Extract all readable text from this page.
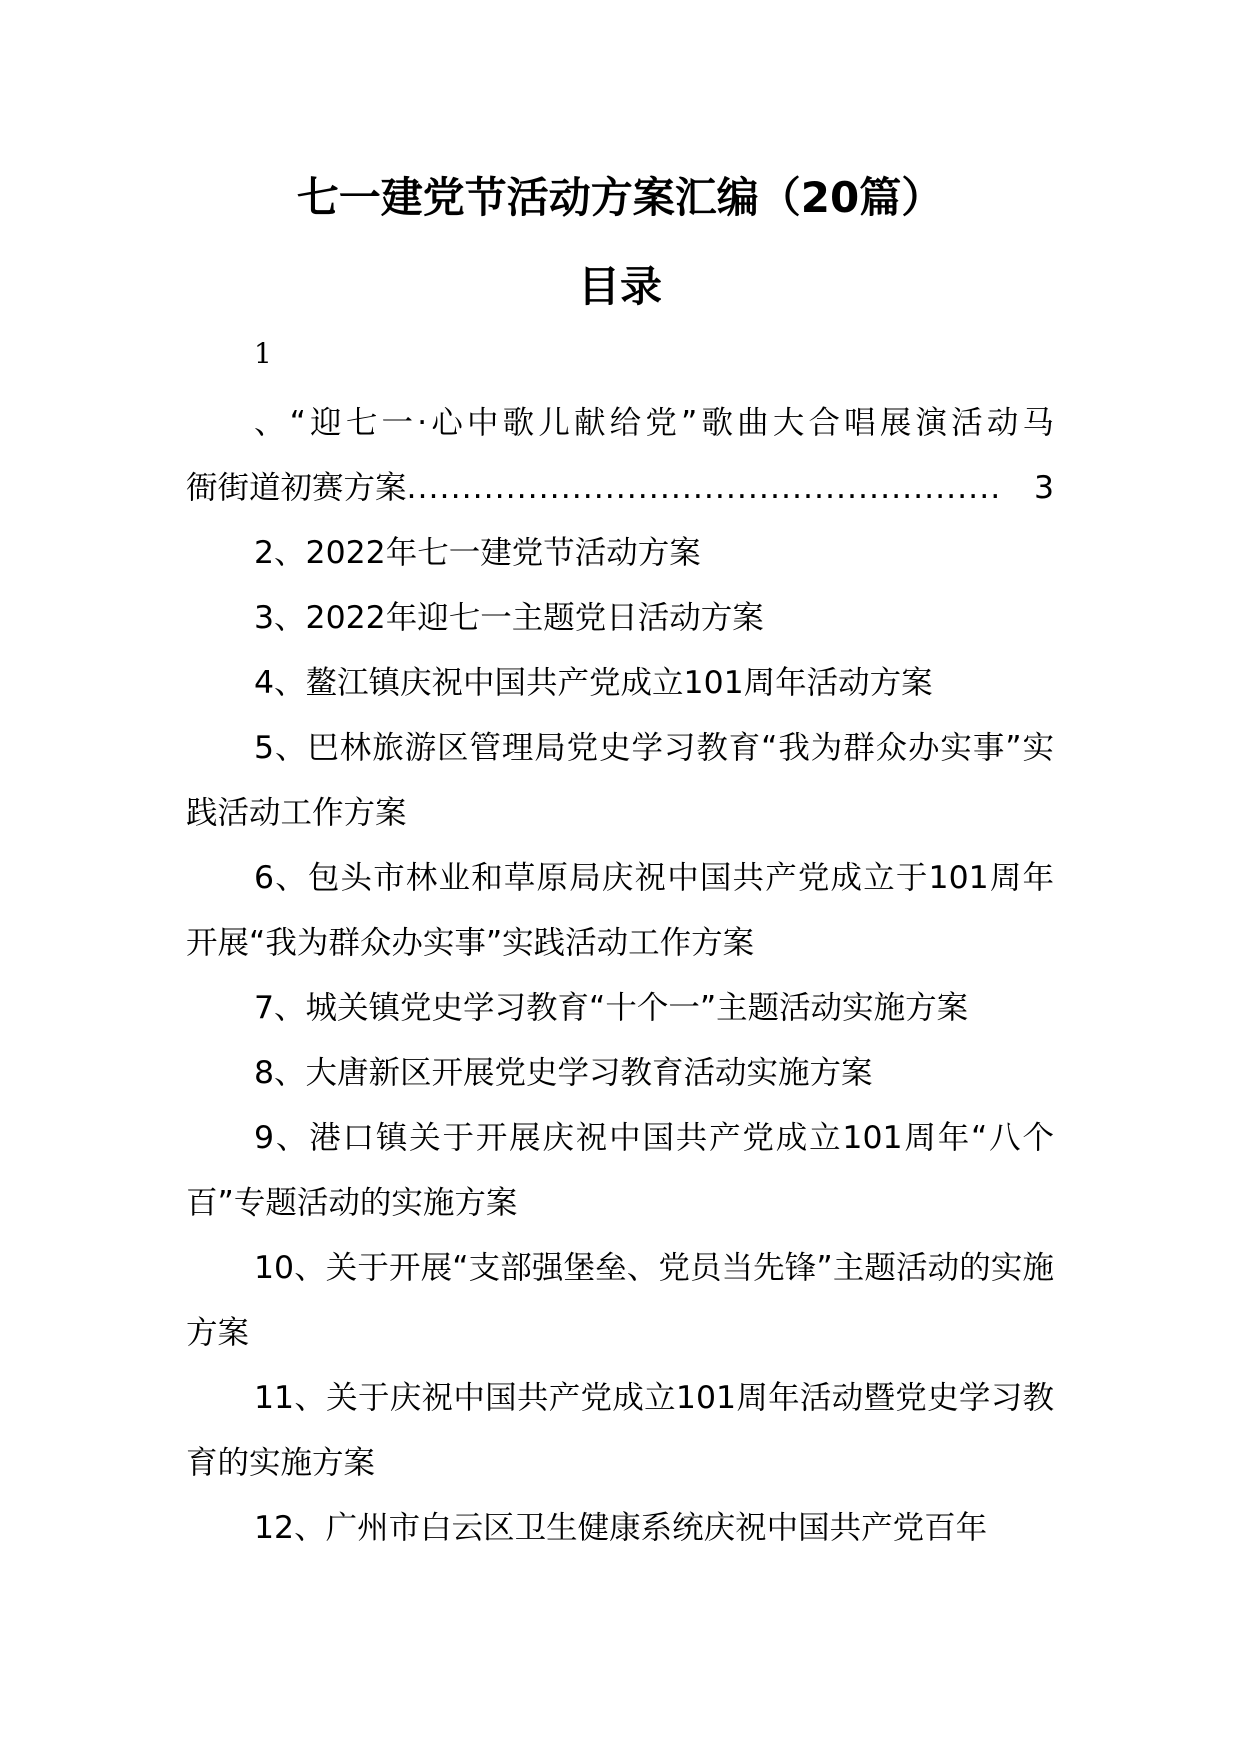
七一建党节活动方案汇编（20篇）
目录
1
、“迎七一·心中歌儿献给党”歌曲大合唱展演活动马
衙街道初赛方案 ......................................................	3
2、2022年七一建党节活动方案
3、2022年迎七一主题党日活动方案
4、鳌江镇庆祝中国共产党成立101周年活动方案
5、巴林旅游区管理局党史学习教育“我为群众办实事”实践活动工作方案
6、包头市林业和草原局庆祝中国共产党成立于101周年开展“我为群众办实事”实践活动工作方案
7、城关镇党史学习教育“十个一”主题活动实施方案
8、大唐新区开展党史学习教育活动实施方案
9、港口镇关于开展庆祝中国共产党成立101周年“八个百”专题活动的实施方案
10、关于开展“支部强堡垒、党员当先锋”主题活动的实施方案
11、关于庆祝中国共产党成立101周年活动暨党史学习教育的实施方案
12、广州市白云区卫生健康系统庆祝中国共产党百年
